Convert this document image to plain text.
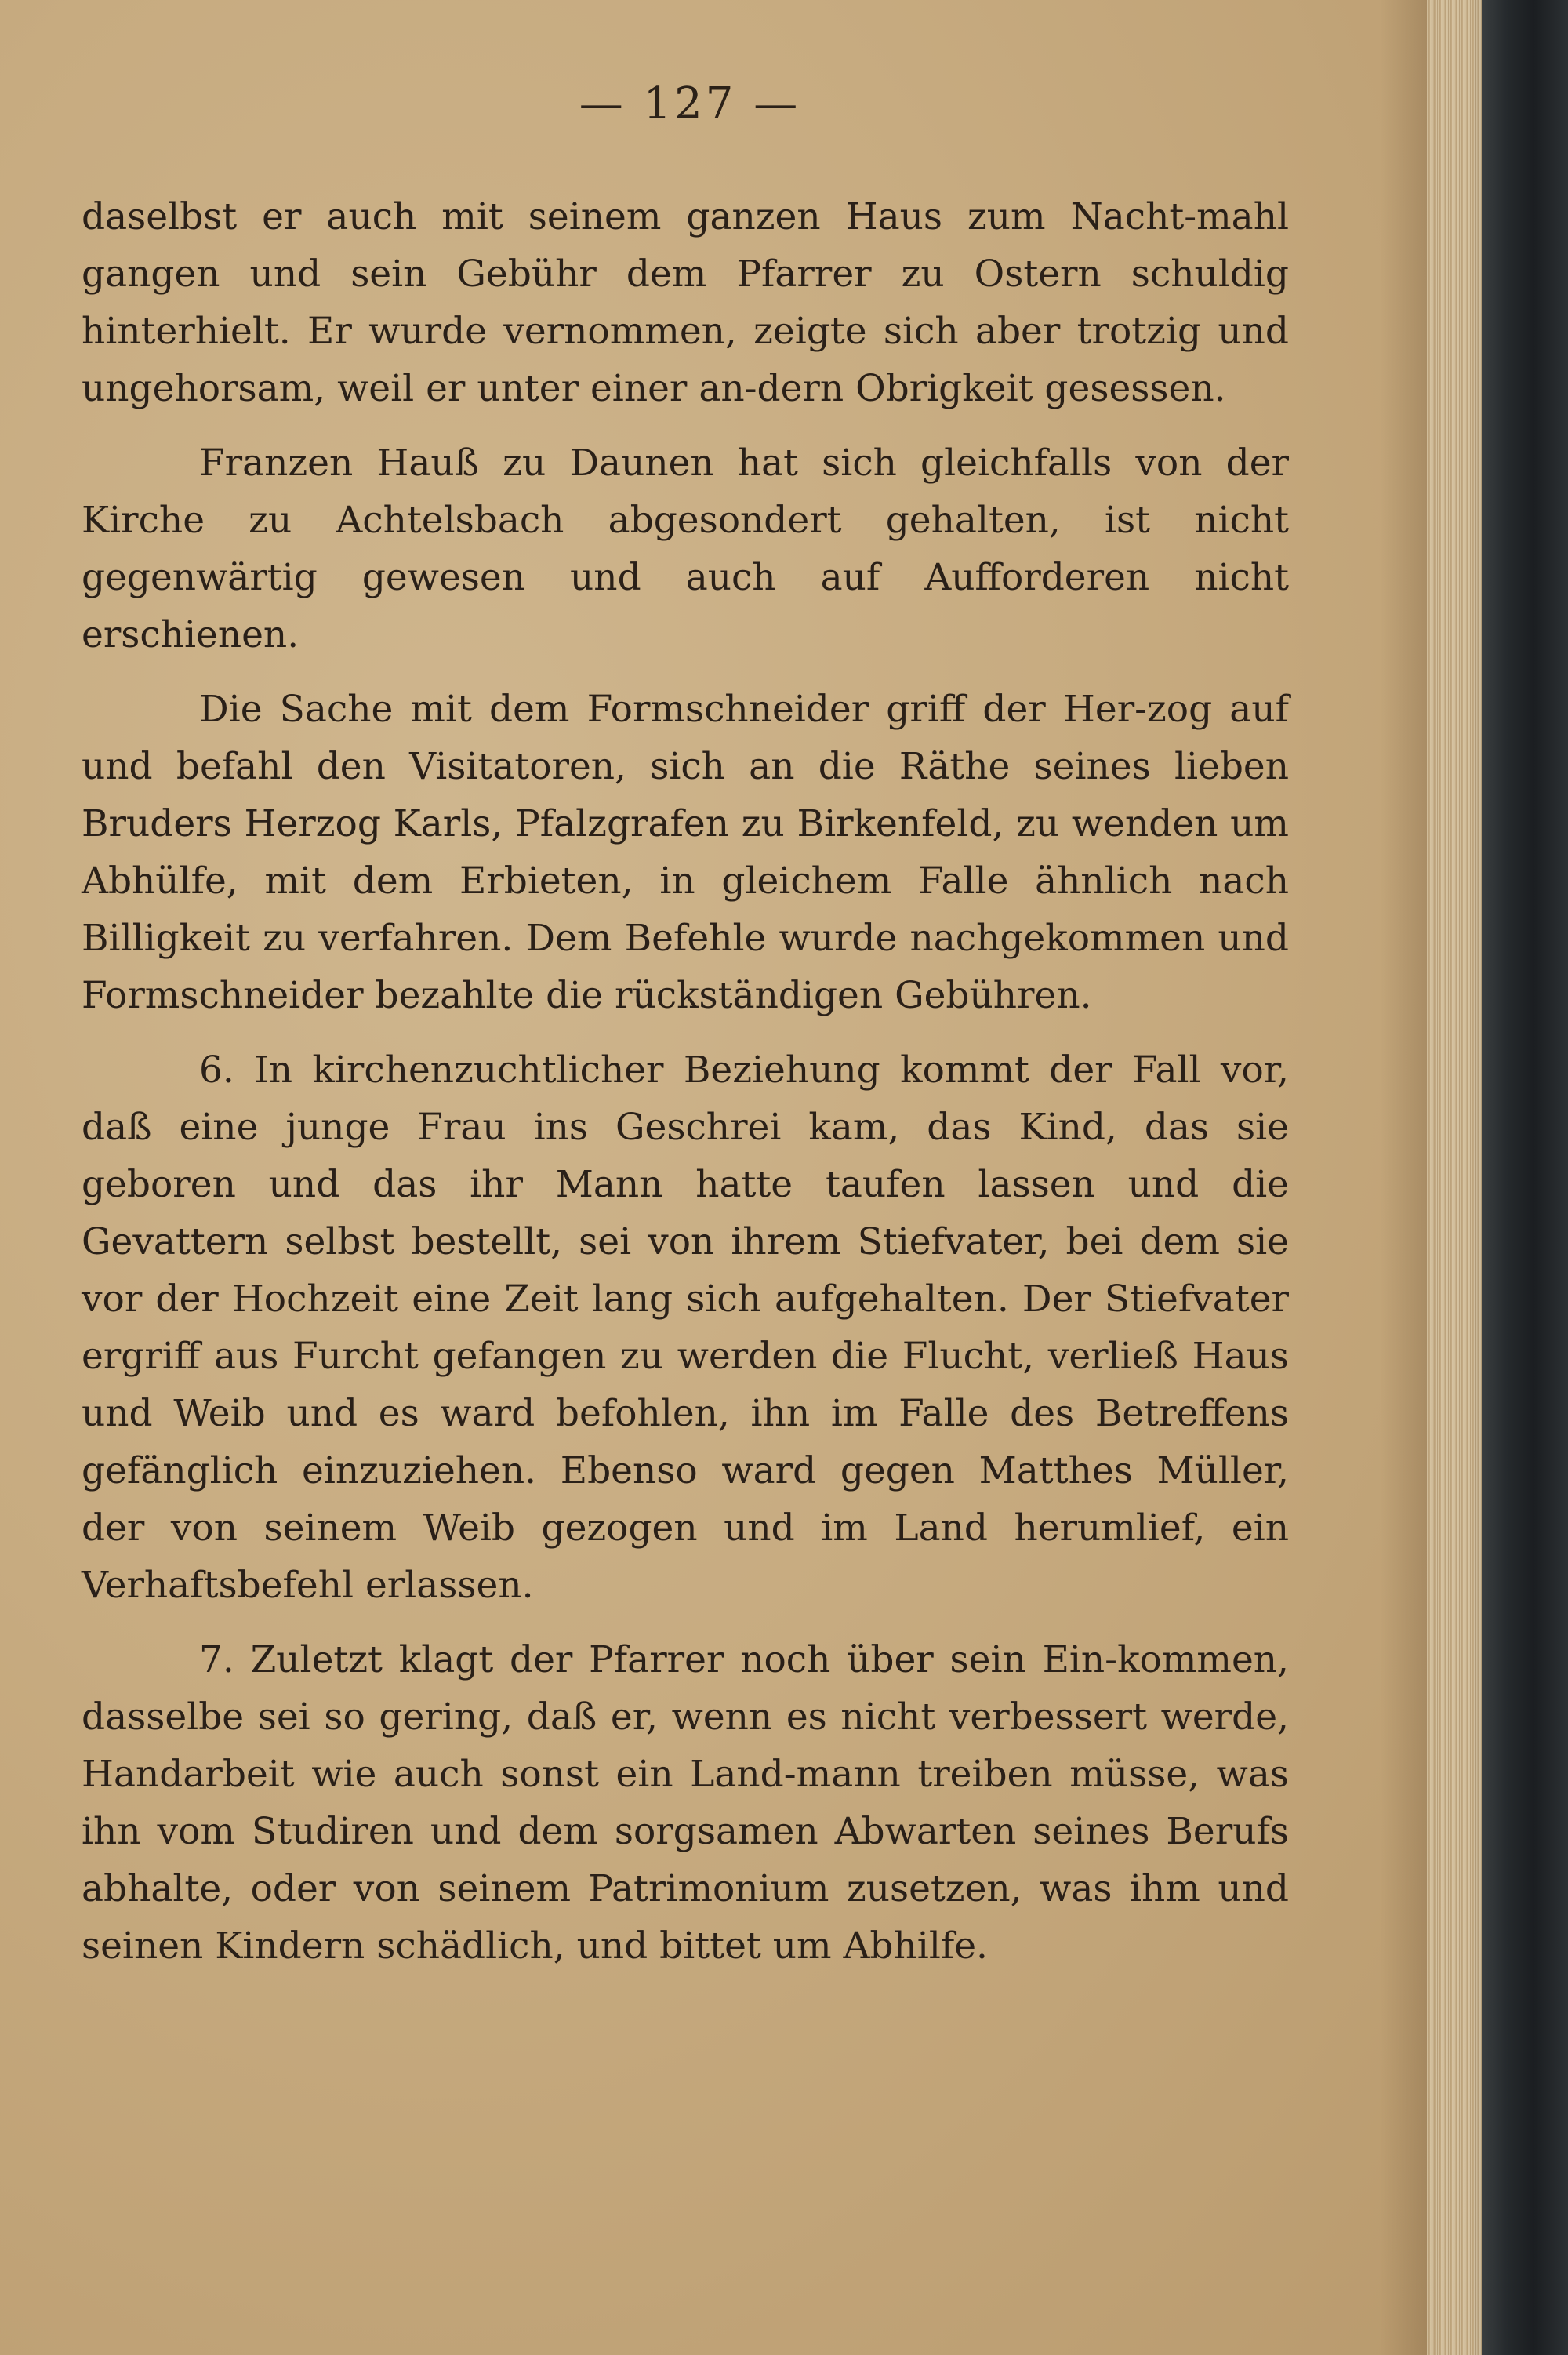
— 127 —

daselbst er auch mit seinem ganzen Haus zum Nacht-mahl gangen und sein Gebühr dem Pfarrer zu Ostern schuldig hinterhielt. Er wurde vernommen, zeigte sich aber trotzig und ungehorsam, weil er unter einer an-dern Obrigkeit gesessen.

Franzen Hauß zu Daunen hat sich gleichfalls von der Kirche zu Achtelsbach abgesondert gehalten, ist nicht gegenwärtig gewesen und auch auf Aufforderen nicht erschienen.

Die Sache mit dem Formschneider griff der Her-zog auf und befahl den Visitatoren, sich an die Räthe seines lieben Bruders Herzog Karls, Pfalzgrafen zu Birkenfeld, zu wenden um Abhülfe, mit dem Erbieten, in gleichem Falle ähnlich nach Billigkeit zu verfahren. Dem Befehle wurde nachgekommen und Formschneider bezahlte die rückständigen Gebühren.

6. In kirchenzuchtlicher Beziehung kommt der Fall vor, daß eine junge Frau ins Geschrei kam, das Kind, das sie geboren und das ihr Mann hatte taufen lassen und die Gevattern selbst bestellt, sei von ihrem Stiefvater, bei dem sie vor der Hochzeit eine Zeit lang sich aufgehalten. Der Stiefvater ergriff aus Furcht gefangen zu werden die Flucht, verließ Haus und Weib und es ward befohlen, ihn im Falle des Betreffens gefänglich einzuziehen. Ebenso ward gegen Matthes Müller, der von seinem Weib gezogen und im Land herumlief, ein Verhaftsbefehl erlassen.

7. Zuletzt klagt der Pfarrer noch über sein Ein-kommen, dasselbe sei so gering, daß er, wenn es nicht verbessert werde, Handarbeit wie auch sonst ein Land-mann treiben müsse, was ihn vom Studiren und dem sorgsamen Abwarten seines Berufs abhalte, oder von seinem Patrimonium zusetzen, was ihm und seinen Kindern schädlich, und bittet um Abhilfe.
